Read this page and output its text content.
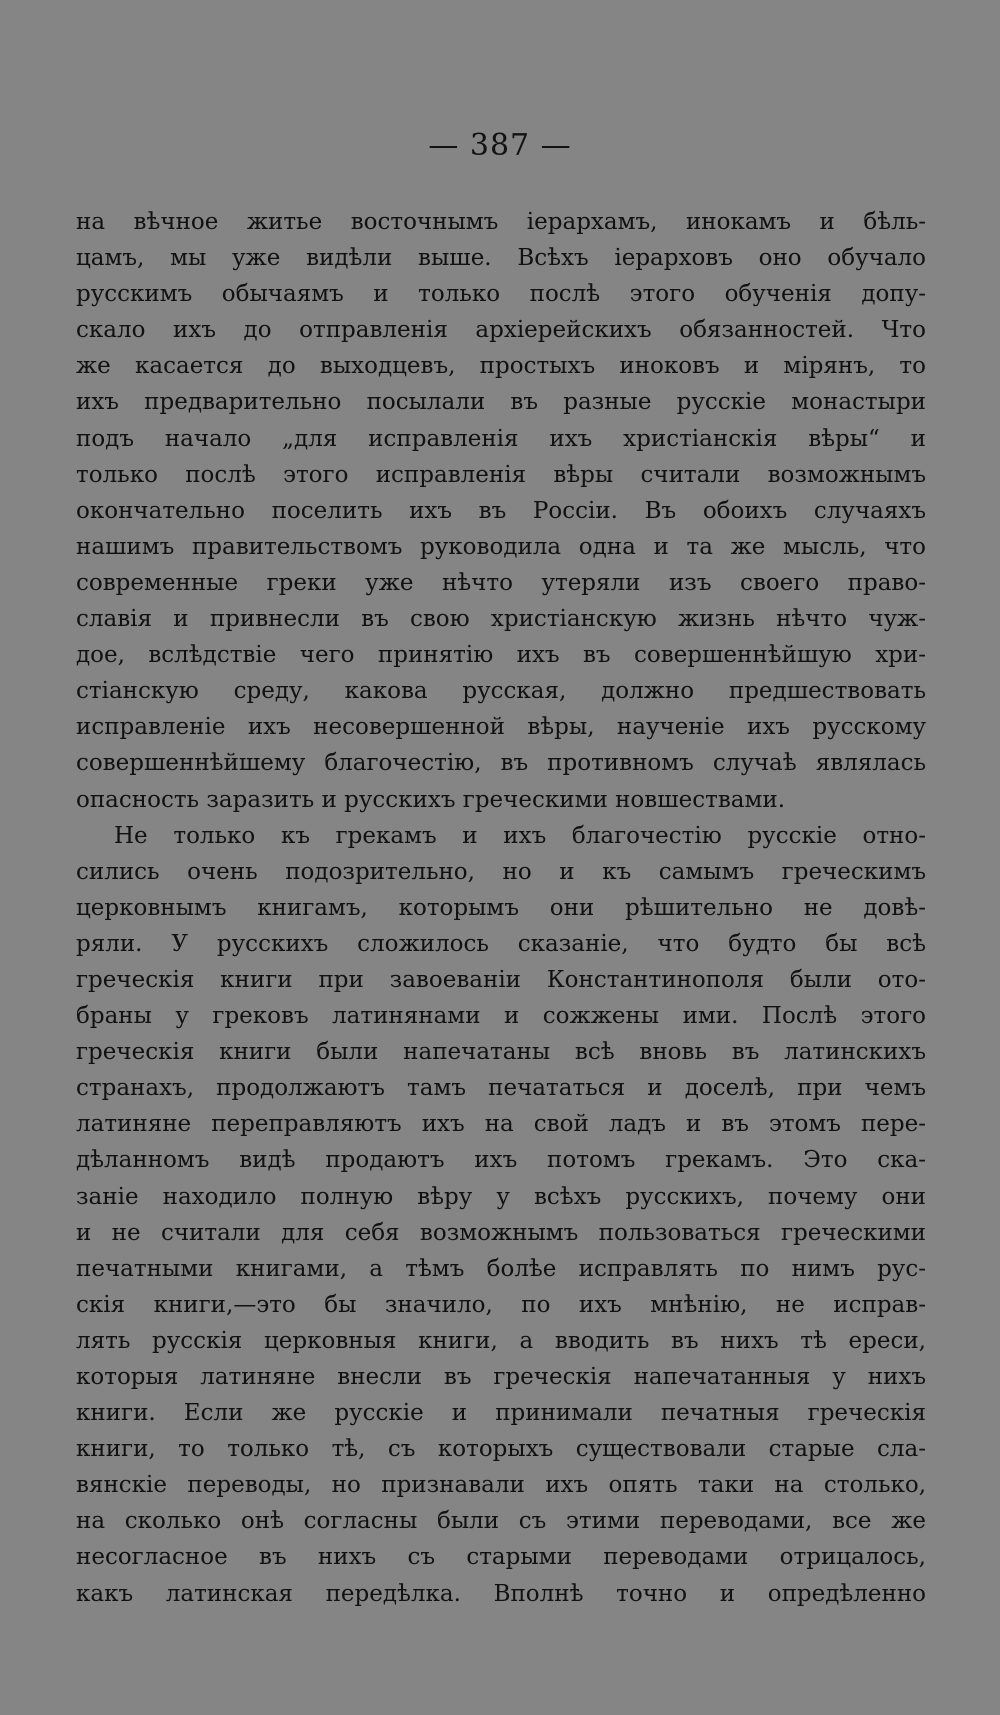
— 387 —
на вѣчное житье восточнымъ іерархамъ, инокамъ и бѣль-
цамъ, мы уже видѣли выше. Всѣхъ іерарховъ оно обучало
русскимъ обычаямъ и только послѣ этого обученія допу-
скало ихъ до отправленія архіерейскихъ обязанностей. Что
же касается до выходцевъ, простыхъ иноковъ и мірянъ, то
ихъ предварительно посылали въ разные русскіе монастыри
подъ начало „для исправленія ихъ христіанскія вѣры“ и
только послѣ этого исправленія вѣры считали возможнымъ
окончательно поселить ихъ въ Россіи. Въ обоихъ случаяхъ
нашимъ правительствомъ руководила одна и та же мысль, что
современные греки уже нѣчто утеряли изъ своего право-
славія и привнесли въ свою христіанскую жизнь нѣчто чуж-
дое, вслѣдствіе чего принятію ихъ въ совершеннѣйшую хри-
стіанскую среду, какова русская, должно предшествовать
исправленіе ихъ несовершенной вѣры, наученіе ихъ русскому
совершеннѣйшему благочестію, въ противномъ случаѣ являлась
опасность заразить и русскихъ греческими новшествами.
Не только къ грекамъ и ихъ благочестію русскіе отно-
сились очень подозрительно, но и къ самымъ греческимъ
церковнымъ книгамъ, которымъ они рѣшительно не довѣ-
ряли. У русскихъ сложилось сказаніе, что будто бы всѣ
греческія книги при завоеваніи Константинополя были ото-
браны у грековъ латинянами и сожжены ими. Послѣ этого
греческія книги были напечатаны всѣ вновь въ латинскихъ
странахъ, продолжаютъ тамъ печататься и доселѣ, при чемъ
латиняне переправляютъ ихъ на свой ладъ и въ этомъ пере-
дѣланномъ видѣ продаютъ ихъ потомъ грекамъ. Это ска-
заніе находило полную вѣру у всѣхъ русскихъ, почему они
и не считали для себя возможнымъ пользоваться греческими
печатными книгами, а тѣмъ болѣе исправлять по нимъ рус-
скія книги,—это бы значило, по ихъ мнѣнію, не исправ-
лять русскія церковныя книги, а вводить въ нихъ тѣ ереси,
которыя латиняне внесли въ греческія напечатанныя у нихъ
книги. Если же русскіе и принимали печатныя греческія
книги, то только тѣ, съ которыхъ существовали старые сла-
вянскіе переводы, но признавали ихъ опять таки на столько,
на сколько онѣ согласны были съ этими переводами, все же
несогласное въ нихъ съ старыми переводами отрицалось,
какъ латинская передѣлка. Вполнѣ точно и опредѣленно
